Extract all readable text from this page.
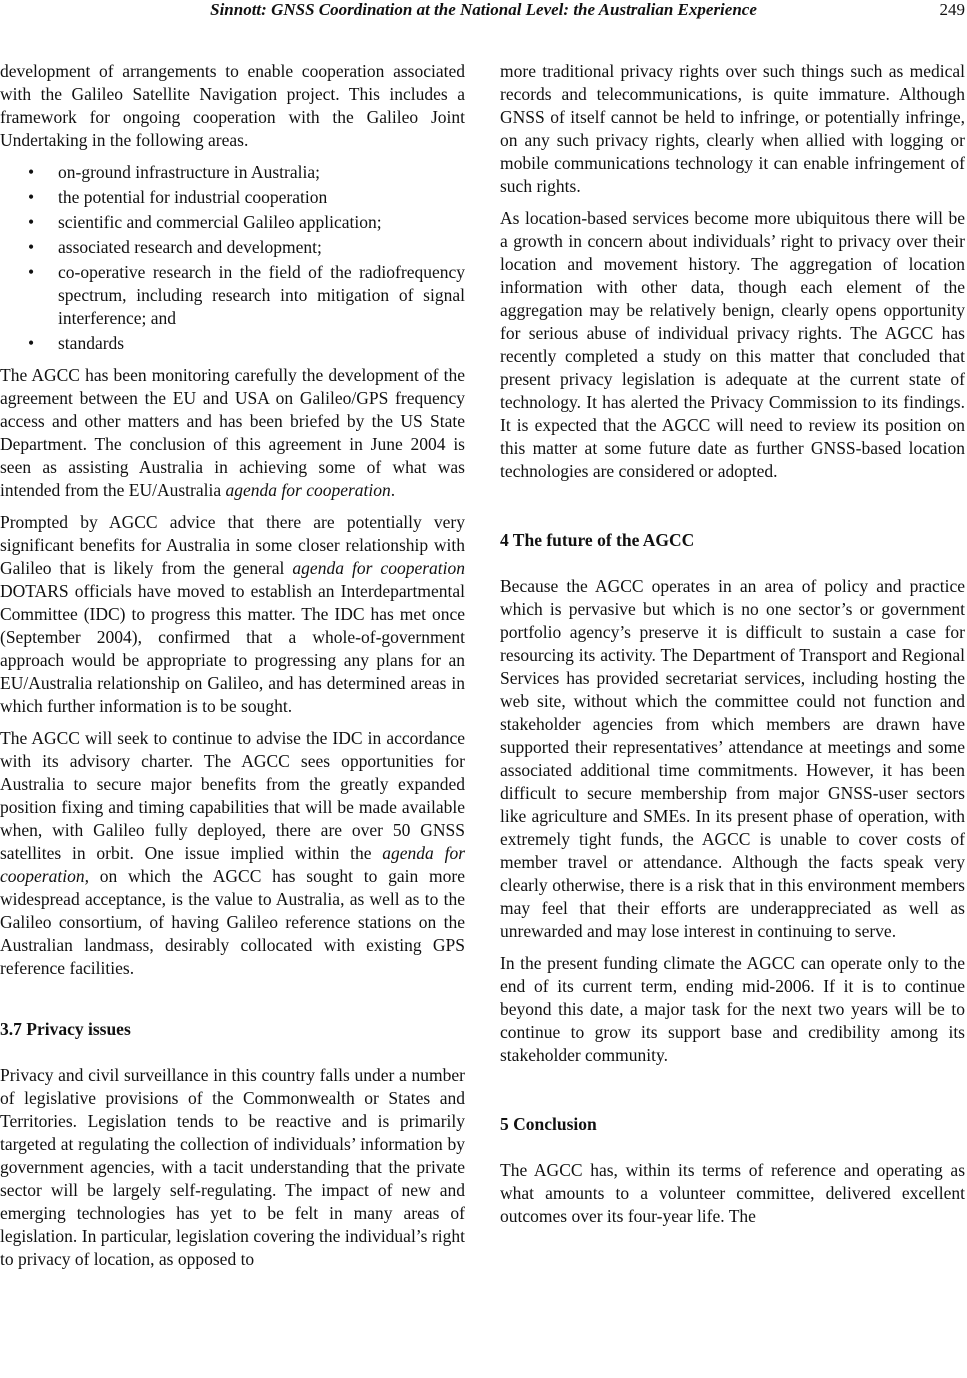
Sinnott: GNSS Coordination at the National Level: the Australian Experience	249

development of arrangements to enable cooperation associated with the Galileo Satellite Navigation project. This includes a framework for ongoing cooperation with the Galileo Joint Undertaking in the following areas.

• on-ground infrastructure in Australia;
• the potential for industrial cooperation
• scientific and commercial Galileo application;
• associated research and development;
• co-operative research in the field of the radiofrequency spectrum, including research into mitigation of signal interference; and
• standards

The AGCC has been monitoring carefully the development of the agreement between the EU and USA on Galileo/GPS frequency access and other matters and has been briefed by the US State Department. The conclusion of this agreement in June 2004 is seen as assisting Australia in achieving some of what was intended from the EU/Australia agenda for cooperation.

Prompted by AGCC advice that there are potentially very significant benefits for Australia in some closer relationship with Galileo that is likely from the general agenda for cooperation DOTARS officials have moved to establish an Interdepartmental Committee (IDC) to progress this matter. The IDC has met once (September 2004), confirmed that a whole-of-government approach would be appropriate to progressing any plans for an EU/Australia relationship on Galileo, and has determined areas in which further information is to be sought.

The AGCC will seek to continue to advise the IDC in accordance with its advisory charter. The AGCC sees opportunities for Australia to secure major benefits from the greatly expanded position fixing and timing capabilities that will be made available when, with Galileo fully deployed, there are over 50 GNSS satellites in orbit. One issue implied within the agenda for cooperation, on which the AGCC has sought to gain more widespread acceptance, is the value to Australia, as well as to the Galileo consortium, of having Galileo reference stations on the Australian landmass, desirably collocated with existing GPS reference facilities.

3.7 Privacy issues

Privacy and civil surveillance in this country falls under a number of legislative provisions of the Commonwealth or States and Territories. Legislation tends to be reactive and is primarily targeted at regulating the collection of individuals’ information by government agencies, with a tacit understanding that the private sector will be largely self-regulating. The impact of new and emerging technologies has yet to be felt in many areas of legislation. In particular, legislation covering the individual’s right to privacy of location, as opposed to

more traditional privacy rights over such things such as medical records and telecommunications, is quite immature. Although GNSS of itself cannot be held to infringe, or potentially infringe, on any such privacy rights, clearly when allied with logging or mobile communications technology it can enable infringement of such rights.

As location-based services become more ubiquitous there will be a growth in concern about individuals’ right to privacy over their location and movement history. The aggregation of location information with other data, though each element of the aggregation may be relatively benign, clearly opens opportunity for serious abuse of individual privacy rights. The AGCC has recently completed a study on this matter that concluded that present privacy legislation is adequate at the current state of technology. It has alerted the Privacy Commission to its findings. It is expected that the AGCC will need to review its position on this matter at some future date as further GNSS-based location technologies are considered or adopted.

4 The future of the AGCC

Because the AGCC operates in an area of policy and practice which is pervasive but which is no one sector’s or government portfolio agency’s preserve it is difficult to sustain a case for resourcing its activity. The Department of Transport and Regional Services has provided secretariat services, including hosting the web site, without which the committee could not function and stakeholder agencies from which members are drawn have supported their representatives’ attendance at meetings and some associated additional time commitments. However, it has been difficult to secure membership from major GNSS-user sectors like agriculture and SMEs. In its present phase of operation, with extremely tight funds, the AGCC is unable to cover costs of member travel or attendance. Although the facts speak very clearly otherwise, there is a risk that in this environment members may feel that their efforts are underappreciated as well as unrewarded and may lose interest in continuing to serve.

In the present funding climate the AGCC can operate only to the end of its current term, ending mid-2006. If it is to continue beyond this date, a major task for the next two years will be to continue to grow its support base and credibility among its stakeholder community.

5 Conclusion

The AGCC has, within its terms of reference and operating as what amounts to a volunteer committee, delivered excellent outcomes over its four-year life. The
